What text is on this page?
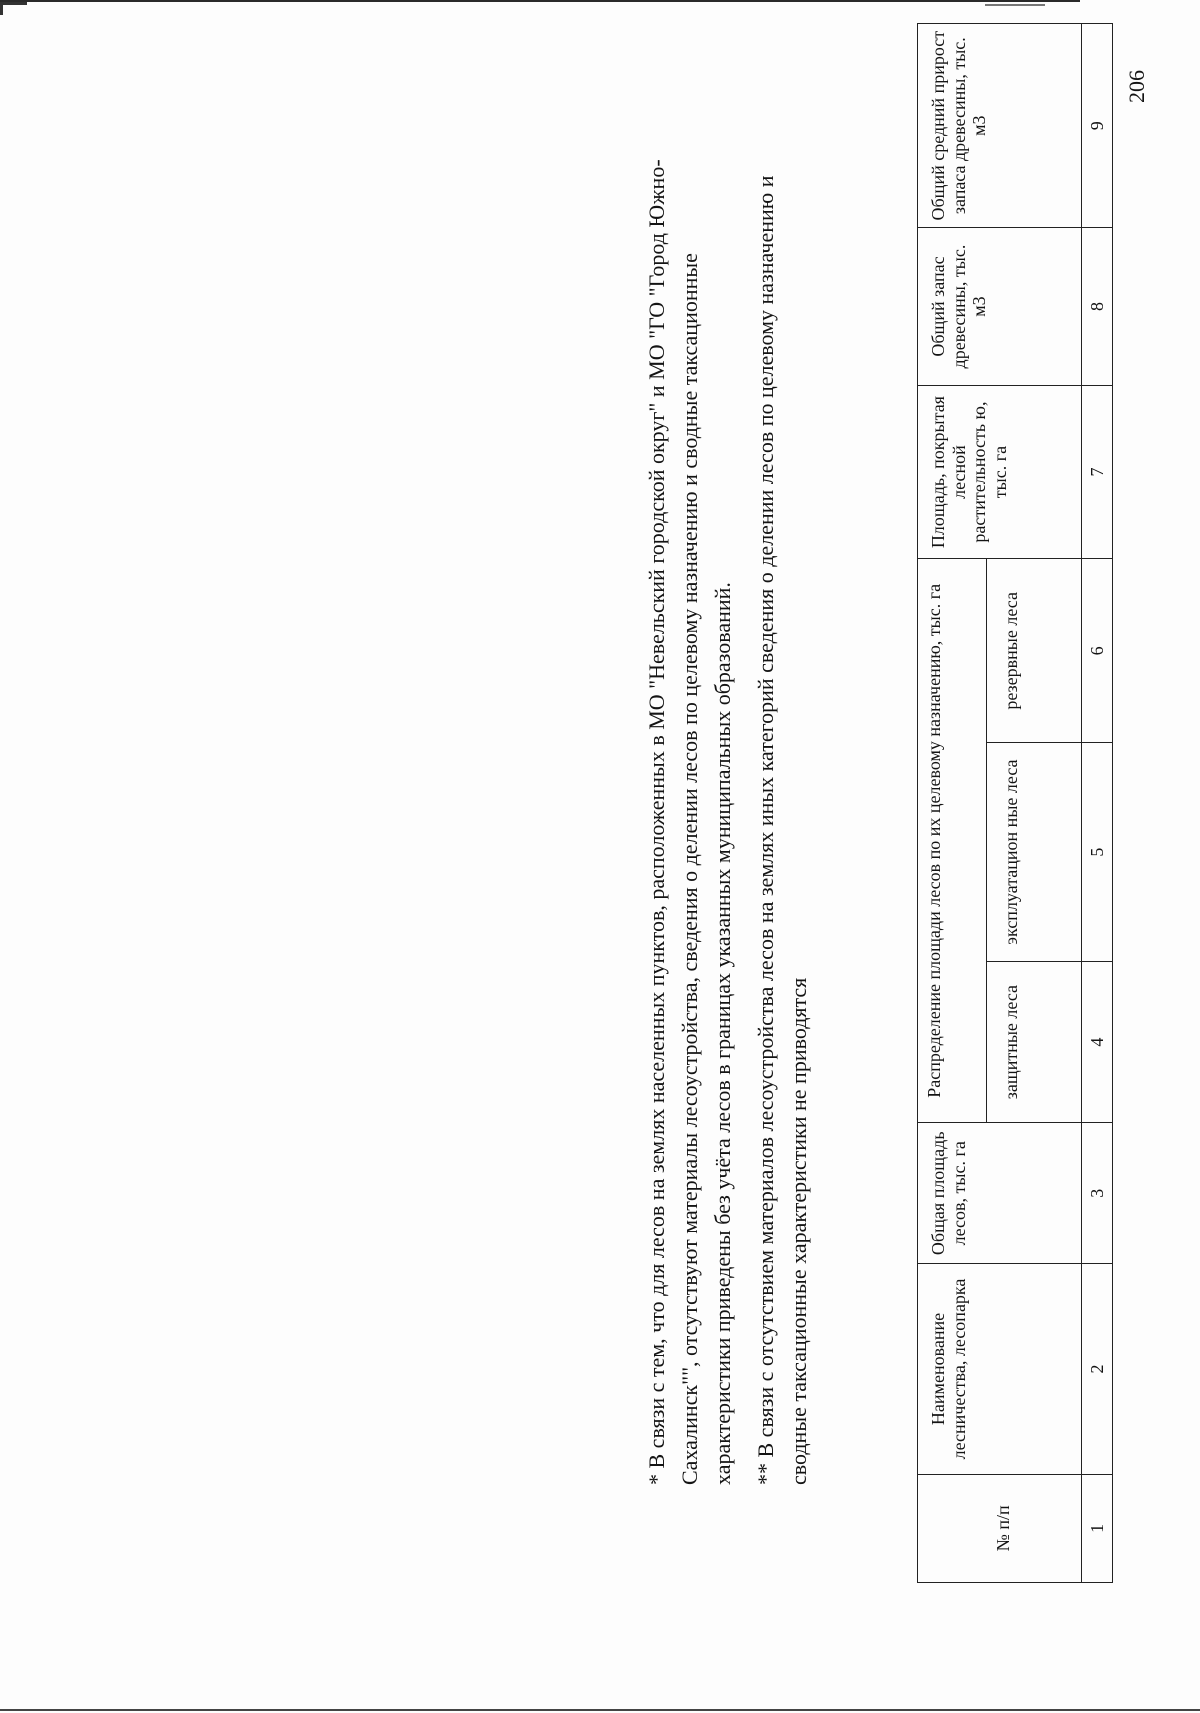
206
№ п/п	Наименование лесничества, лесопарка	Общая площадь лесов, тыс. га	Распределение площади лесов по их целевому назначению, тыс. га			Площадь, покрытая лесной растительность ю, тыс. га	Общий запас древесины, тыс. м3	Общий средний прирост запаса древесины, тыс. м3
			защитные леса	эксплуатацион ные леса	резервные леса			
1	2	3	4	5	6	7	8	9

* В связи с тем, что для лесов на землях населенных пунктов, расположенных в МО "Невельский городской округ" и МО "ГО "Город Южно-Сахалинск"", отсутствуют материалы лесоустройства, сведения о делении лесов по целевому назначению и сводные таксационные характеристики приведены без учёта лесов в границах указанных муниципальных образований. ** В связи с отсутствием материалов лесоустройства лесов на землях иных категорий сведения о делении лесов по целевому назначению и сводные таксационные характеристики не приводятся
